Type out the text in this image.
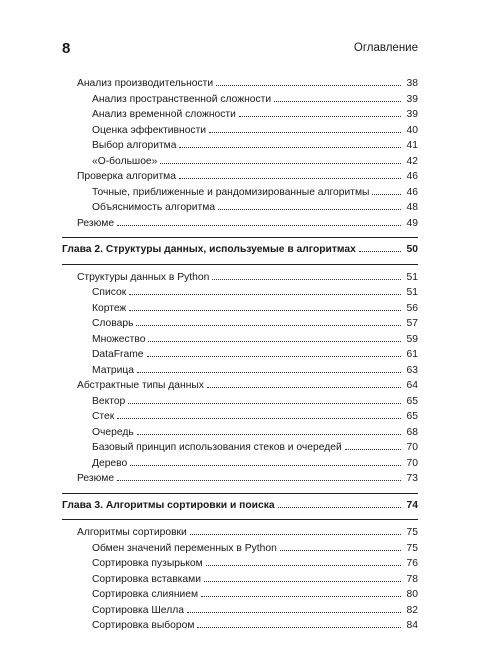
8	Оглавление
Анализ производительности	38
Анализ пространственной сложности	39
Анализ временной сложности	39
Оценка эффективности	40
Выбор алгоритма	41
«О-большое»	42
Проверка алгоритма	46
Точные, приближенные и рандомизированные алгоритмы	46
Объяснимость алгоритма	48
Резюме	49
Глава 2. Структуры данных, используемые в алгоритмах	50
Структуры данных в Python	51
Список	51
Кортеж	56
Словарь	57
Множество	59
DataFrame	61
Матрица	63
Абстрактные типы данных	64
Вектор	65
Стек	65
Очередь	68
Базовый принцип использования стеков и очередей	70
Дерево	70
Резюме	73
Глава 3. Алгоритмы сортировки и поиска	74
Алгоритмы сортировки	75
Обмен значений переменных в Python	75
Сортировка пузырьком	76
Сортировка вставками	78
Сортировка слиянием	80
Сортировка Шелла	82
Сортировка выбором	84
